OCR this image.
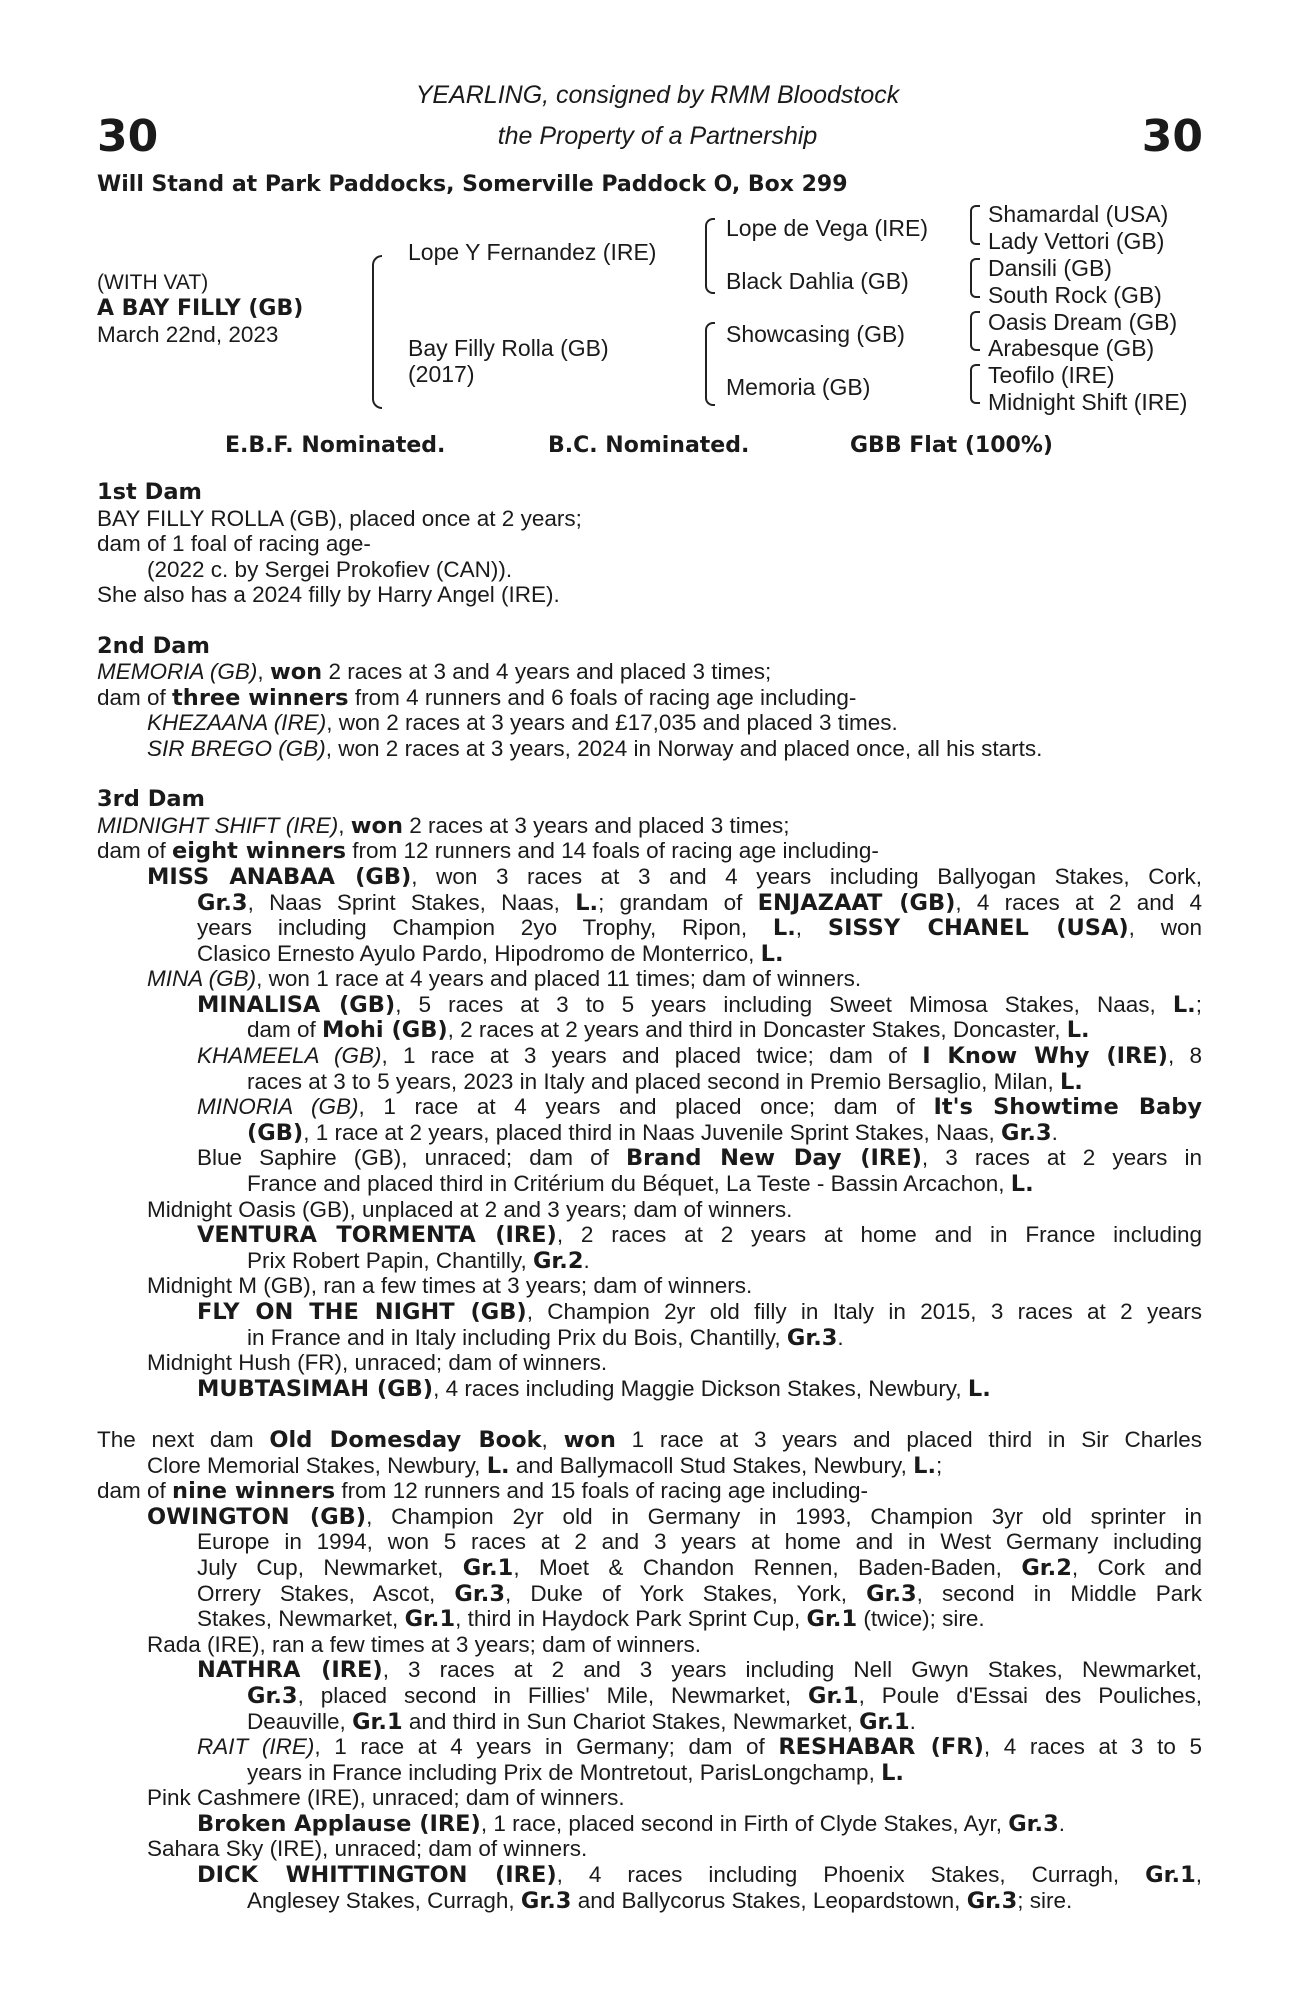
30	30
YEARLING, consigned by RMM Bloodstock
the Property of a Partnership
Will Stand at Park Paddocks, Somerville Paddock O, Box 299
(WITH VAT)
A BAY FILLY (GB)
March 22nd, 2023
Lope Y Fernandez (IRE)
Bay Filly Rolla (GB)
(2017)
Lope de Vega (IRE)
Black Dahlia (GB)
Showcasing (GB)
Memoria (GB)
Shamardal (USA)
Lady Vettori (GB)
Dansili (GB)
South Rock (GB)
Oasis Dream (GB)
Arabesque (GB)
Teofilo (IRE)
Midnight Shift (IRE)
E.B.F. Nominated.	B.C. Nominated.	GBB Flat (100%)
1st Dam
BAY FILLY ROLLA (GB), placed once at 2 years;
dam of 1 foal of racing age-
(2022 c. by Sergei Prokofiev (CAN)).
She also has a 2024 filly by Harry Angel (IRE).
2nd Dam
MEMORIA (GB), won 2 races at 3 and 4 years and placed 3 times;
dam of three winners from 4 runners and 6 foals of racing age including-
KHEZAANA (IRE), won 2 races at 3 years and £17,035 and placed 3 times.
SIR BREGO (GB), won 2 races at 3 years, 2024 in Norway and placed once, all his starts.
3rd Dam
MIDNIGHT SHIFT (IRE), won 2 races at 3 years and placed 3 times;
dam of eight winners from 12 runners and 14 foals of racing age including-
MISS ANABAA (GB), won 3 races at 3 and 4 years including Ballyogan Stakes, Cork,
Gr.3, Naas Sprint Stakes, Naas, L.; grandam of ENJAZAAT (GB), 4 races at 2 and 4
years including Champion 2yo Trophy, Ripon, L., SISSY CHANEL (USA), won
Clasico Ernesto Ayulo Pardo, Hipodromo de Monterrico, L.
MINA (GB), won 1 race at 4 years and placed 11 times; dam of winners.
MINALISA (GB), 5 races at 3 to 5 years including Sweet Mimosa Stakes, Naas, L.;
dam of Mohi (GB), 2 races at 2 years and third in Doncaster Stakes, Doncaster, L.
KHAMEELA (GB), 1 race at 3 years and placed twice; dam of I Know Why (IRE), 8
races at 3 to 5 years, 2023 in Italy and placed second in Premio Bersaglio, Milan, L.
MINORIA (GB), 1 race at 4 years and placed once; dam of It's Showtime Baby
(GB), 1 race at 2 years, placed third in Naas Juvenile Sprint Stakes, Naas, Gr.3.
Blue Saphire (GB), unraced; dam of Brand New Day (IRE), 3 races at 2 years in
France and placed third in Critérium du Béquet, La Teste - Bassin Arcachon, L.
Midnight Oasis (GB), unplaced at 2 and 3 years; dam of winners.
VENTURA TORMENTA (IRE), 2 races at 2 years at home and in France including
Prix Robert Papin, Chantilly, Gr.2.
Midnight M (GB), ran a few times at 3 years; dam of winners.
FLY ON THE NIGHT (GB), Champion 2yr old filly in Italy in 2015, 3 races at 2 years
in France and in Italy including Prix du Bois, Chantilly, Gr.3.
Midnight Hush (FR), unraced; dam of winners.
MUBTASIMAH (GB), 4 races including Maggie Dickson Stakes, Newbury, L.
The next dam Old Domesday Book, won 1 race at 3 years and placed third in Sir Charles
Clore Memorial Stakes, Newbury, L. and Ballymacoll Stud Stakes, Newbury, L.;
dam of nine winners from 12 runners and 15 foals of racing age including-
OWINGTON (GB), Champion 2yr old in Germany in 1993, Champion 3yr old sprinter in
Europe in 1994, won 5 races at 2 and 3 years at home and in West Germany including
July Cup, Newmarket, Gr.1, Moet & Chandon Rennen, Baden-Baden, Gr.2, Cork and
Orrery Stakes, Ascot, Gr.3, Duke of York Stakes, York, Gr.3, second in Middle Park
Stakes, Newmarket, Gr.1, third in Haydock Park Sprint Cup, Gr.1 (twice); sire.
Rada (IRE), ran a few times at 3 years; dam of winners.
NATHRA (IRE), 3 races at 2 and 3 years including Nell Gwyn Stakes, Newmarket,
Gr.3, placed second in Fillies' Mile, Newmarket, Gr.1, Poule d'Essai des Pouliches,
Deauville, Gr.1 and third in Sun Chariot Stakes, Newmarket, Gr.1.
RAIT (IRE), 1 race at 4 years in Germany; dam of RESHABAR (FR), 4 races at 3 to 5
years in France including Prix de Montretout, ParisLongchamp, L.
Pink Cashmere (IRE), unraced; dam of winners.
Broken Applause (IRE), 1 race, placed second in Firth of Clyde Stakes, Ayr, Gr.3.
Sahara Sky (IRE), unraced; dam of winners.
DICK WHITTINGTON (IRE), 4 races including Phoenix Stakes, Curragh, Gr.1,
Anglesey Stakes, Curragh, Gr.3 and Ballycorus Stakes, Leopardstown, Gr.3; sire.
